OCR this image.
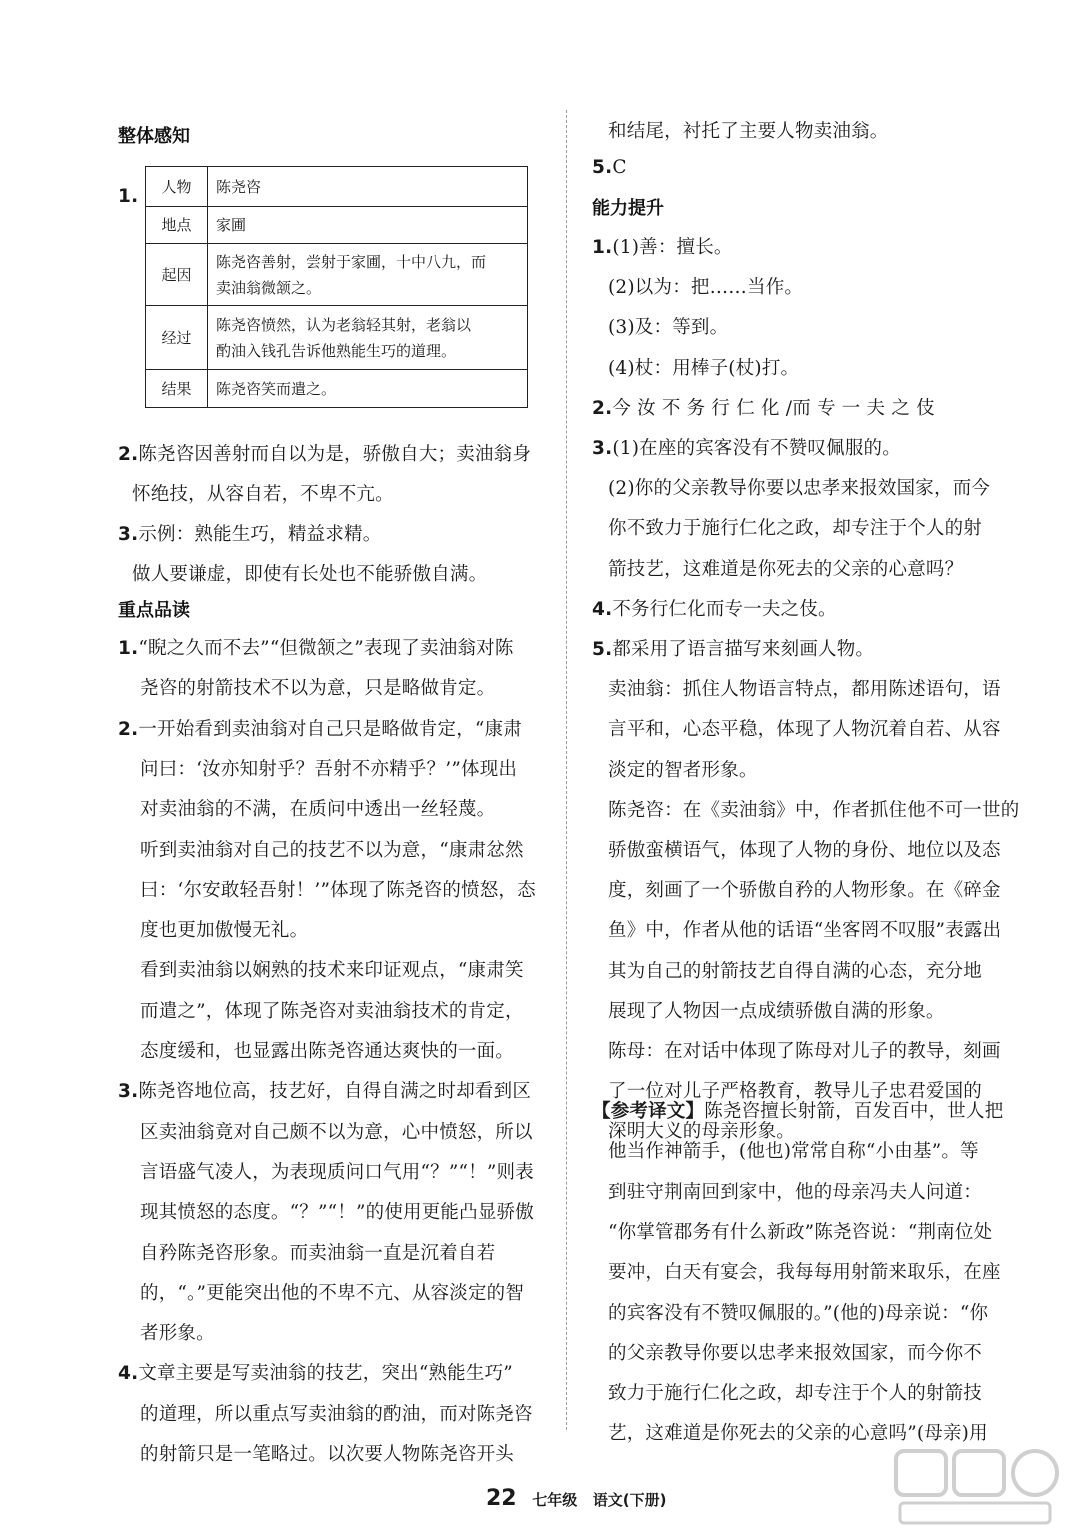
整体感知
1. 人物	陈尧咨

地点	家圃

起因	陈尧咨善射，尝射于家圃，十中八九，而
卖油翁微颔之。

经过	陈尧咨愤然，认为老翁轻其射，老翁以
酌油入钱孔告诉他熟能生巧的道理。

结果	陈尧咨笑而遣之。
2.陈尧咨因善射而自以为是，骄傲自大；卖油翁身
怀绝技，从容自若，不卑不亢。
3.示例：熟能生巧，精益求精。
做人要谦虚，即使有长处也不能骄傲自满。
重点品读
1.“睨之久而不去”“但微颔之”表现了卖油翁对陈
尧咨的射箭技术不以为意，只是略做肯定。
2.一开始看到卖油翁对自己只是略做肯定，“康肃
问曰：‘汝亦知射乎？吾射不亦精乎？’”体现出
对卖油翁的不满，在质问中透出一丝轻蔑。
听到卖油翁对自己的技艺不以为意，“康肃忿然
曰：‘尔安敢轻吾射！’”体现了陈尧咨的愤怒，态
度也更加傲慢无礼。
看到卖油翁以娴熟的技术来印证观点，“康肃笑
而遣之”，体现了陈尧咨对卖油翁技术的肯定，
态度缓和，也显露出陈尧咨通达爽快的一面。
3.陈尧咨地位高，技艺好，自得自满之时却看到区
区卖油翁竟对自己颇不以为意，心中愤怒，所以
言语盛气凌人，为表现质问口气用“？”“！”则表
现其愤怒的态度。“？”“！”的使用更能凸显骄傲
自矜陈尧咨形象。而卖油翁一直是沉着自若
的，“。”更能突出他的不卑不亢、从容淡定的智
者形象。
4.文章主要是写卖油翁的技艺，突出“熟能生巧”
的道理，所以重点写卖油翁的酌油，而对陈尧咨
的射箭只是一笔略过。以次要人物陈尧咨开头
和结尾，衬托了主要人物卖油翁。
5.C
能力提升
1.(1)善：擅长。
(2)以为：把……当作。
(3)及：等到。
(4)杖：用棒子(杖)打。
2.今 汝 不 务 行 仁 化 /而 专 一 夫 之 伎
3.(1)在座的宾客没有不赞叹佩服的。
(2)你的父亲教导你要以忠孝来报效国家，而今
你不致力于施行仁化之政，却专注于个人的射
箭技艺，这难道是你死去的父亲的心意吗？
4.不务行仁化而专一夫之伎。
5.都采用了语言描写来刻画人物。
卖油翁：抓住人物语言特点，都用陈述语句，语
言平和，心态平稳，体现了人物沉着自若、从容
淡定的智者形象。
陈尧咨：在《卖油翁》中，作者抓住他不可一世的
骄傲蛮横语气，体现了人物的身份、地位以及态
度，刻画了一个骄傲自矜的人物形象。在《碎金
鱼》中，作者从他的话语“坐客罔不叹服”表露出
其为自己的射箭技艺自得自满的心态，充分地
展现了人物因一点成绩骄傲自满的形象。
陈母：在对话中体现了陈母对儿子的教导，刻画
了一位对儿子严格教育，教导儿子忠君爱国的
深明大义的母亲形象。
【参考译文】陈尧咨擅长射箭，百发百中，世人把
他当作神箭手，(他也)常常自称“小由基”。等
到驻守荆南回到家中，他的母亲冯夫人问道：
“你掌管郡务有什么新政”陈尧咨说：“荆南位处
要冲，白天有宴会，我每每用射箭来取乐，在座
的宾客没有不赞叹佩服的。”(他的)母亲说：“你
的父亲教导你要以忠孝来报效国家，而今你不
致力于施行仁化之政，却专注于个人的射箭技
艺，这难道是你死去的父亲的心意吗”(母亲)用
22 七年级 语文(下册)
